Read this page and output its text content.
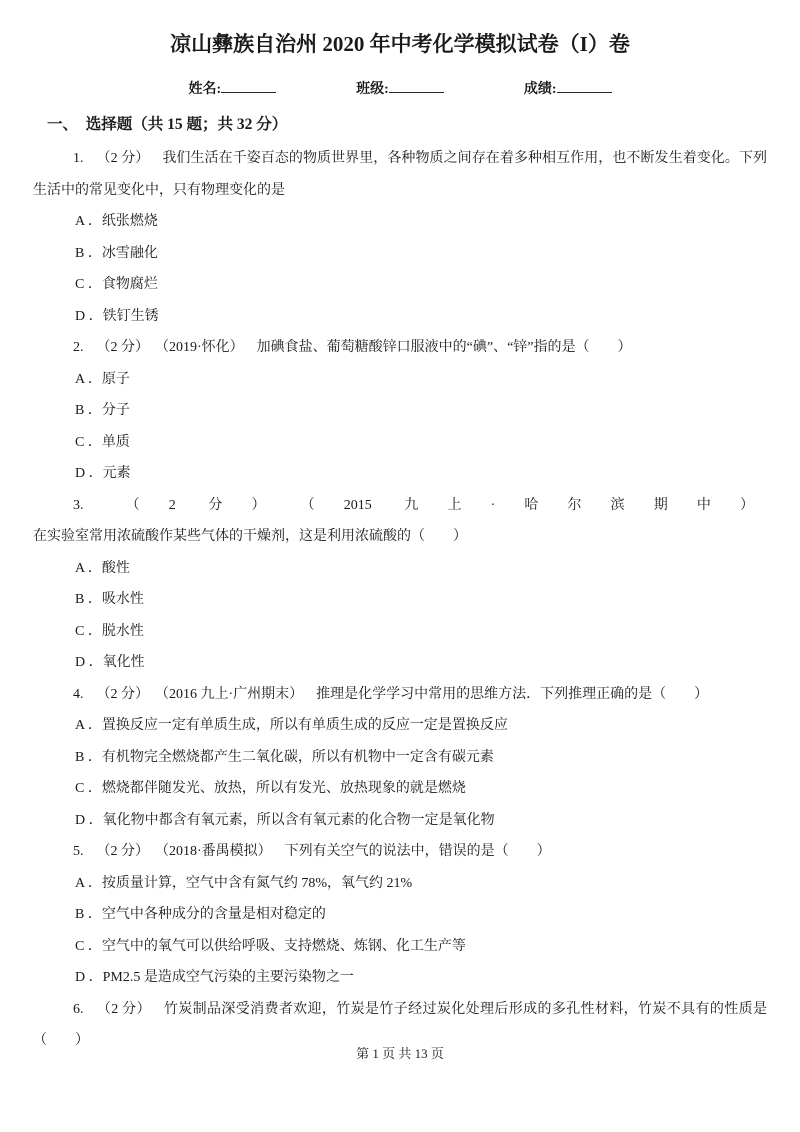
凉山彝族自治州 2020 年中考化学模拟试卷（I）卷
姓名:	班级:	成绩:
一、　选择题（共 15 题；共 32 分）

1. （2 分） 我们生活在千姿百态的物质世界里，各种物质之间存在着多种相互作用，也不断发生着变化。下列生活中的常见变化中，只有物理变化的是

A ．纸张燃烧

B ．冰雪融化

C ．食物腐烂

D ．铁钉生锈

2. （2 分） （2019·怀化） 加碘食盐、葡萄糖酸锌口服液中的“碘”、“锌”指的是（　　）

A ．原子

B ．分子

C ．单质

D ．元素

3. （2 分） （2015 九上·哈尔滨期中）在实验室常用浓硫酸作某些气体的干燥剂，这是利用浓硫酸的（　　）

A ．酸性

B ．吸水性

C ．脱水性

D ．氧化性

4. （2 分） （2016 九上·广州期末） 推理是化学学习中常用的思维方法．下列推理正确的是（　　）

A ．置换反应一定有单质生成，所以有单质生成的反应一定是置换反应

B ．有机物完全燃烧都产生二氧化碳，所以有机物中一定含有碳元素

C ．燃烧都伴随发光、放热，所以有发光、放热现象的就是燃烧

D ．氧化物中都含有氧元素，所以含有氧元素的化合物一定是氧化物

5. （2 分） （2018·番禺模拟） 下列有关空气的说法中，错误的是（　　）

A ．按质量计算，空气中含有氮气约 78%，氧气约 21%

B ．空气中各种成分的含量是相对稳定的

C ．空气中的氧气可以供给呼吸、支持燃烧、炼钢、化工生产等

D ．PM2.5 是造成空气污染的主要污染物之一

6. （2 分） 竹炭制品深受消费者欢迎，竹炭是竹子经过炭化处理后形成的多孔性材料，竹炭不具有的性质是（　　）

第 1 页 共 13 页
